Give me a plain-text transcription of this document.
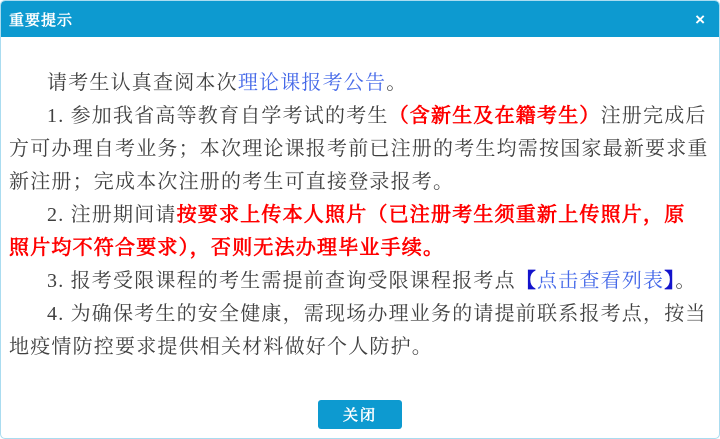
重要提示	×
请考生认真查阅本次理论课报考公告。
1. 参加我省高等教育自学考试的考生（含新生及在籍考生）注册完成后
方可办理自考业务；本次理论课报考前已注册的考生均需按国家最新要求重
新注册；完成本次注册的考生可直接登录报考。
2. 注册期间请按要求上传本人照片（已注册考生须重新上传照片，原
照片均不符合要求），否则无法办理毕业手续。
3. 报考受限课程的考生需提前查询受限课程报考点【点击查看列表】。
4. 为确保考生的安全健康，需现场办理业务的请提前联系报考点，按当
地疫情防控要求提供相关材料做好个人防护。
关闭
